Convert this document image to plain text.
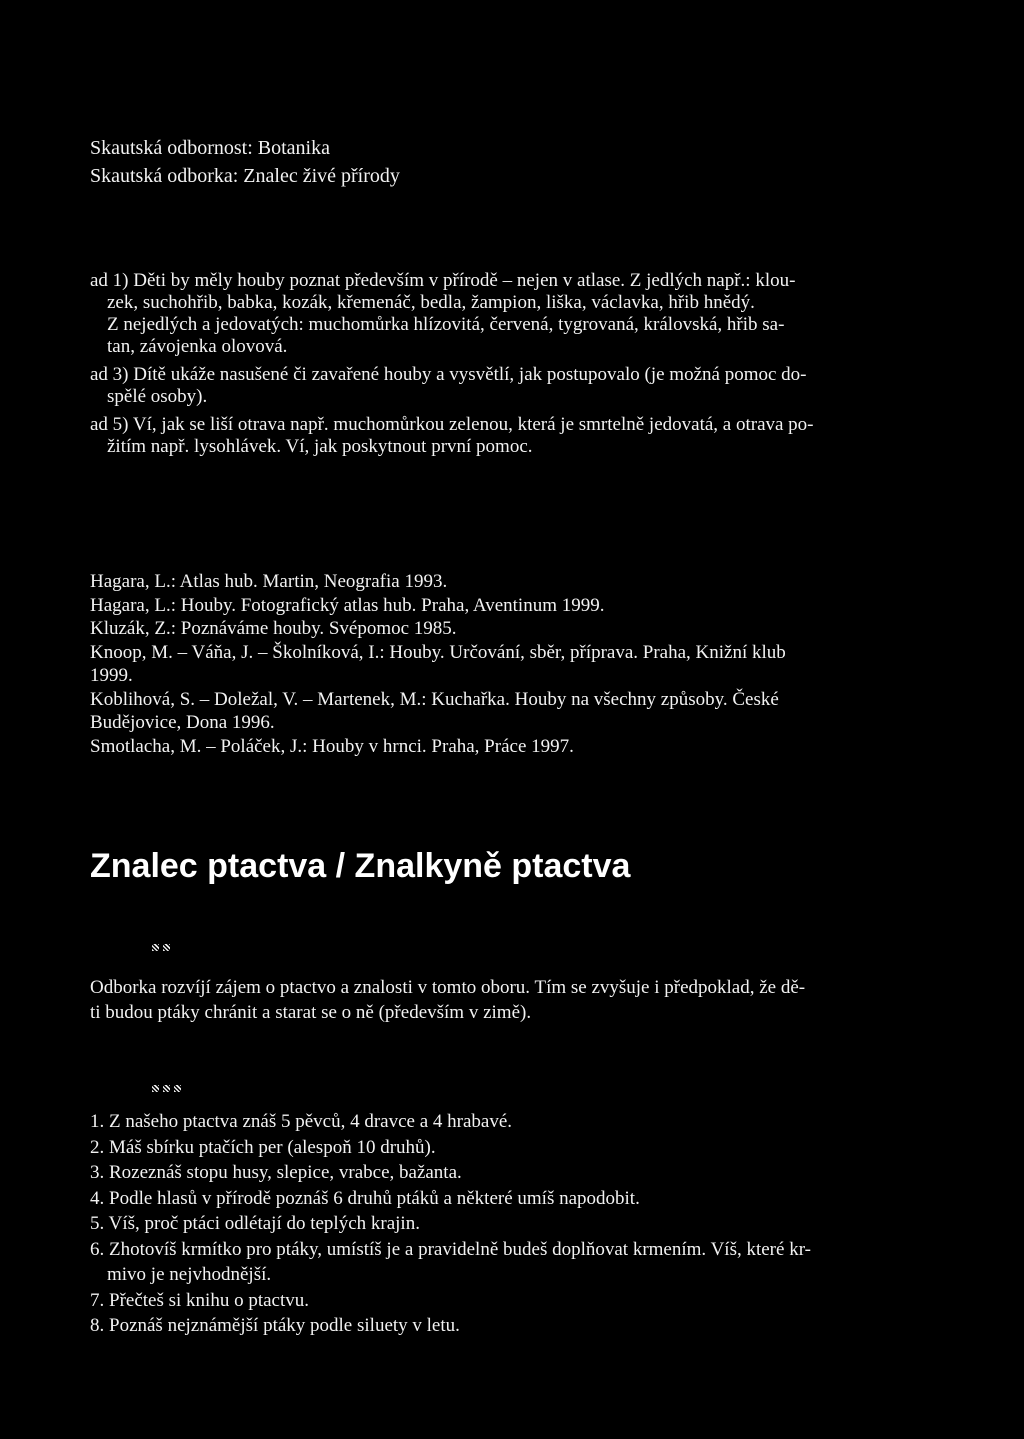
Skautská odbornost: Botanika
Skautská odborka: Znalec živé přírody
ad 1) Děti by měly houby poznat především v přírodě – nejen v atlase. Z jedlých např.: klou-
zek, suchohřib, babka, kozák, křemenáč, bedla, žampion, liška, václavka, hřib hnědý.
Z nejedlých a jedovatých: muchomůrka hlízovitá, červená, tygrovaná, královská, hřib sa-
tan, závojenka olovová.
ad 3) Dítě ukáže nasušené či zavařené houby a vysvětlí, jak postupovalo (je možná pomoc do-
spělé osoby).
ad 5) Ví, jak se liší otrava např. muchomůrkou zelenou, která je smrtelně jedovatá, a otrava po-
žitím např. lysohlávek. Ví, jak poskytnout první pomoc.
Hagara, L.: Atlas hub. Martin, Neografia 1993.
Hagara, L.: Houby. Fotografický atlas hub. Praha, Aventinum 1999.
Kluzák, Z.: Poznáváme houby. Svépomoc 1985.
Knoop, M. – Váňa, J. – Školníková, I.: Houby. Určování, sběr, příprava. Praha, Knižní klub
1999.
Koblihová, S. – Doležal, V. – Martenek, M.: Kuchařka. Houby na všechny způsoby. České
Budějovice, Dona 1996.
Smotlacha, M. – Poláček, J.: Houby v hrnci. Praha, Práce 1997.
Znalec ptactva / Znalkyně ptactva
Odborka rozvíjí zájem o ptactvo a znalosti v tomto oboru. Tím se zvyšuje i předpoklad, že dě-
ti budou ptáky chránit a starat se o ně (především v zimě).
1. Z našeho ptactva znáš 5 pěvců, 4 dravce a 4 hrabavé.
2. Máš sbírku ptačích per (alespoň 10 druhů).
3. Rozeznáš stopu husy, slepice, vrabce, bažanta.
4. Podle hlasů v přírodě poznáš 6 druhů ptáků a některé umíš napodobit.
5. Víš, proč ptáci odlétají do teplých krajin.
6. Zhotovíš krmítko pro ptáky, umístíš je a pravidelně budeš doplňovat krmením. Víš, které kr-
mivo je nejvhodnější.
7. Přečteš si knihu o ptactvu.
8. Poznáš nejznámější ptáky podle siluety v letu.
